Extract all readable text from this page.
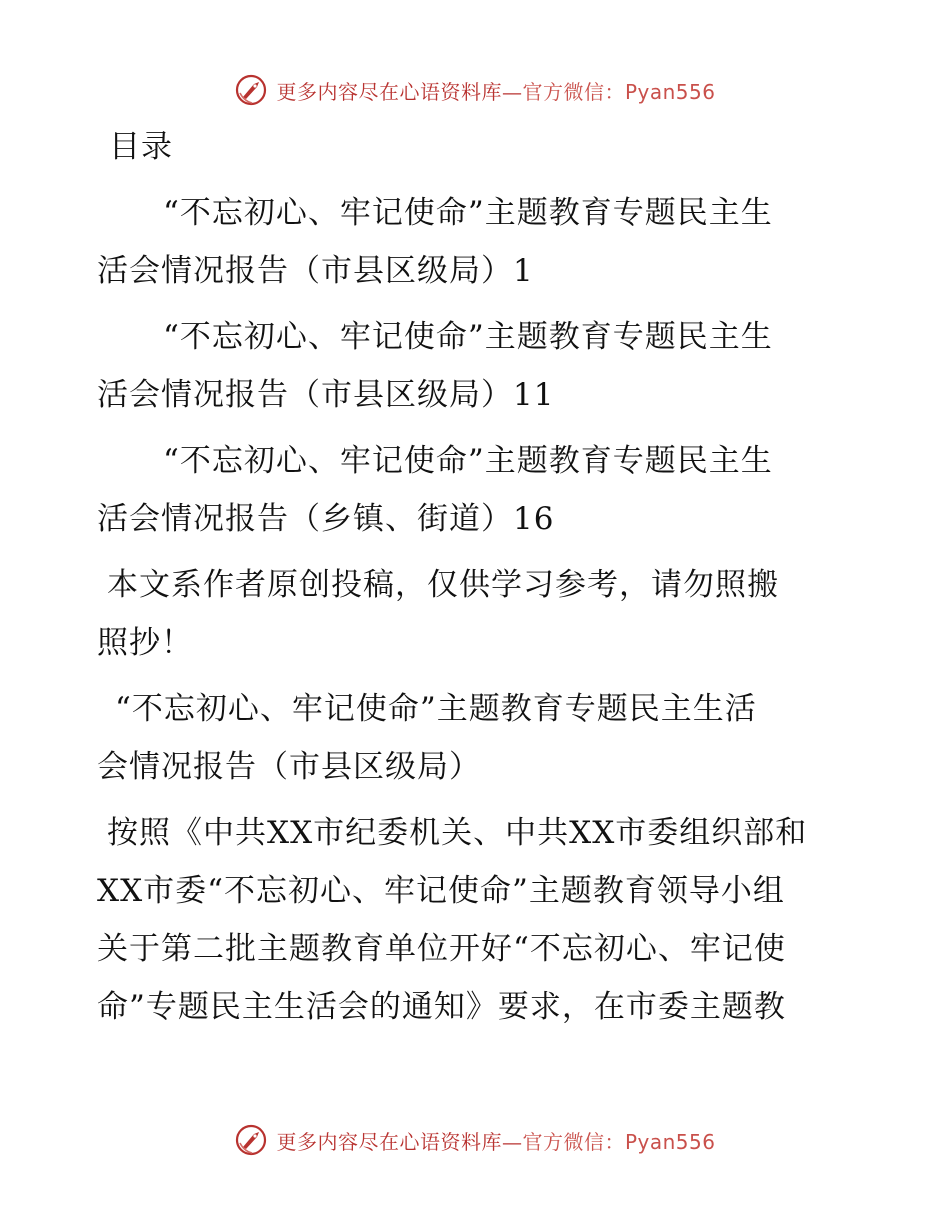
更多内容尽在心语资料库—官方微信：Pyan556
目录
“不忘初心、牢记使命”主题教育专题民主生
活会情况报告（市县区级局）1
“不忘初心、牢记使命”主题教育专题民主生
活会情况报告（市县区级局）11
“不忘初心、牢记使命”主题教育专题民主生
活会情况报告（乡镇、街道）16
本文系作者原创投稿，仅供学习参考，请勿照搬
照抄！
“不忘初心、牢记使命”主题教育专题民主生活
会情况报告（市县区级局）
按照《中共XX市纪委机关、中共XX市委组织部和
XX市委“不忘初心、牢记使命”主题教育领导小组
关于第二批主题教育单位开好“不忘初心、牢记使
命”专题民主生活会的通知》要求，在市委主题教
更多内容尽在心语资料库—官方微信：Pyan556
